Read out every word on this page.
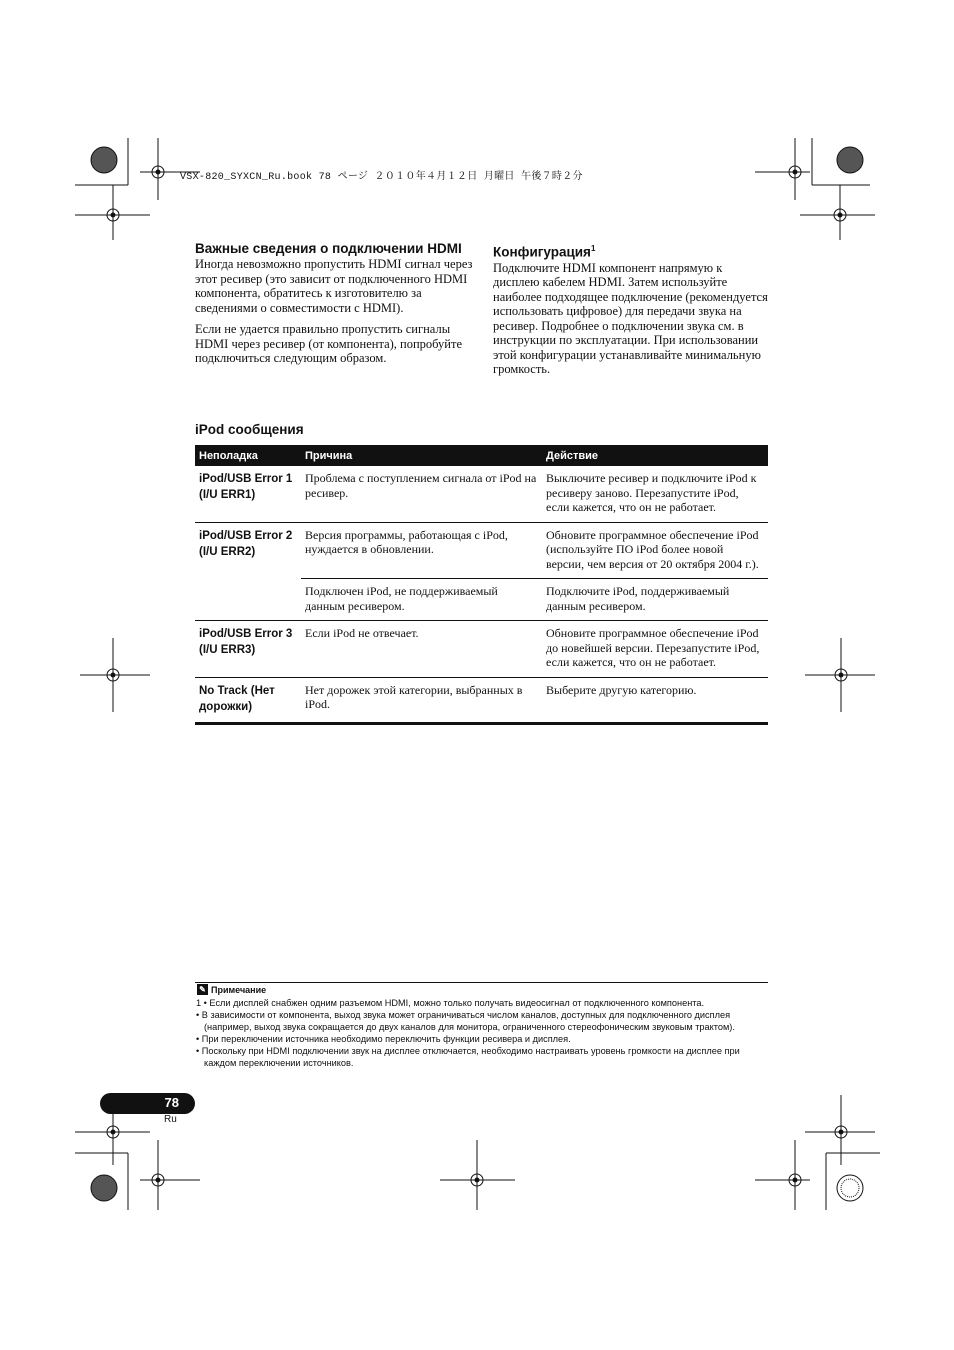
VSX-820_SYXCN_Ru.book 78 ページ ２０１０年４月１２日 月曜日 午後７時２分
Важные сведения о подключении HDMI

Иногда невозможно пропустить HDMI сигнал через этот ресивер (это зависит от подключенного HDMI компонента, обратитесь к изготовителю за сведениями о совместимости с HDMI).

Если не удается правильно пропустить сигналы HDMI через ресивер (от компонента), попробуйте подключиться следующим образом.

Конфигурация$^1$

Подключите HDMI компонент напрямую к дисплею кабелем HDMI. Затем используйте наиболее подходящее подключение (рекомендуется использовать цифровое) для передачи звука на ресивер. Подробнее о подключении звука см. в инструкции по эксплуатации. При использовании этой конфигурации устанавливайте минимальную громкость.

iPod сообщения
Неполадка	Причина	Действие
iPod/USB Error 1 (I/U ERR1)	Проблема с поступлением сигнала от iPod на ресивер.	Выключите ресивер и подключите iPod к ресиверу заново. Перезапустите iPod, если кажется, что он не работает.
iPod/USB Error 2 (I/U ERR2)	Версия программы, работающая с iPod, нуждается в обновлении.	Обновите программное обеспечение iPod (используйте ПО iPod более новой версии, чем версия от 20 октября 2004 г.).
	Подключен iPod, не поддерживаемый данным ресивером.	Подключите iPod, поддерживаемый данным ресивером.
iPod/USB Error 3 (I/U ERR3)	Если iPod не отвечает.	Обновите программное обеспечение iPod до новейшей версии. Перезапустите iPod, если кажется, что он не работает.
No Track (Нет дорожки)	Нет дорожек этой категории, выбранных в iPod.	Выберите другую категорию.
✎ Примечание
1 • Если дисплей снабжен одним разъемом HDMI, можно только получать видеосигнал от подключенного компонента.
• В зависимости от компонента, выход звука может ограничиваться числом каналов, доступных для подключенного дисплея (например, выход звука сокращается до двух каналов для монитора, ограниченного стереофоническим звуковым трактом).
• При переключении источника необходимо переключить функции ресивера и дисплея.
• Поскольку при HDMI подключении звук на дисплее отключается, необходимо настраивать уровень громкости на дисплее при каждом переключении источников.
78
Ru
